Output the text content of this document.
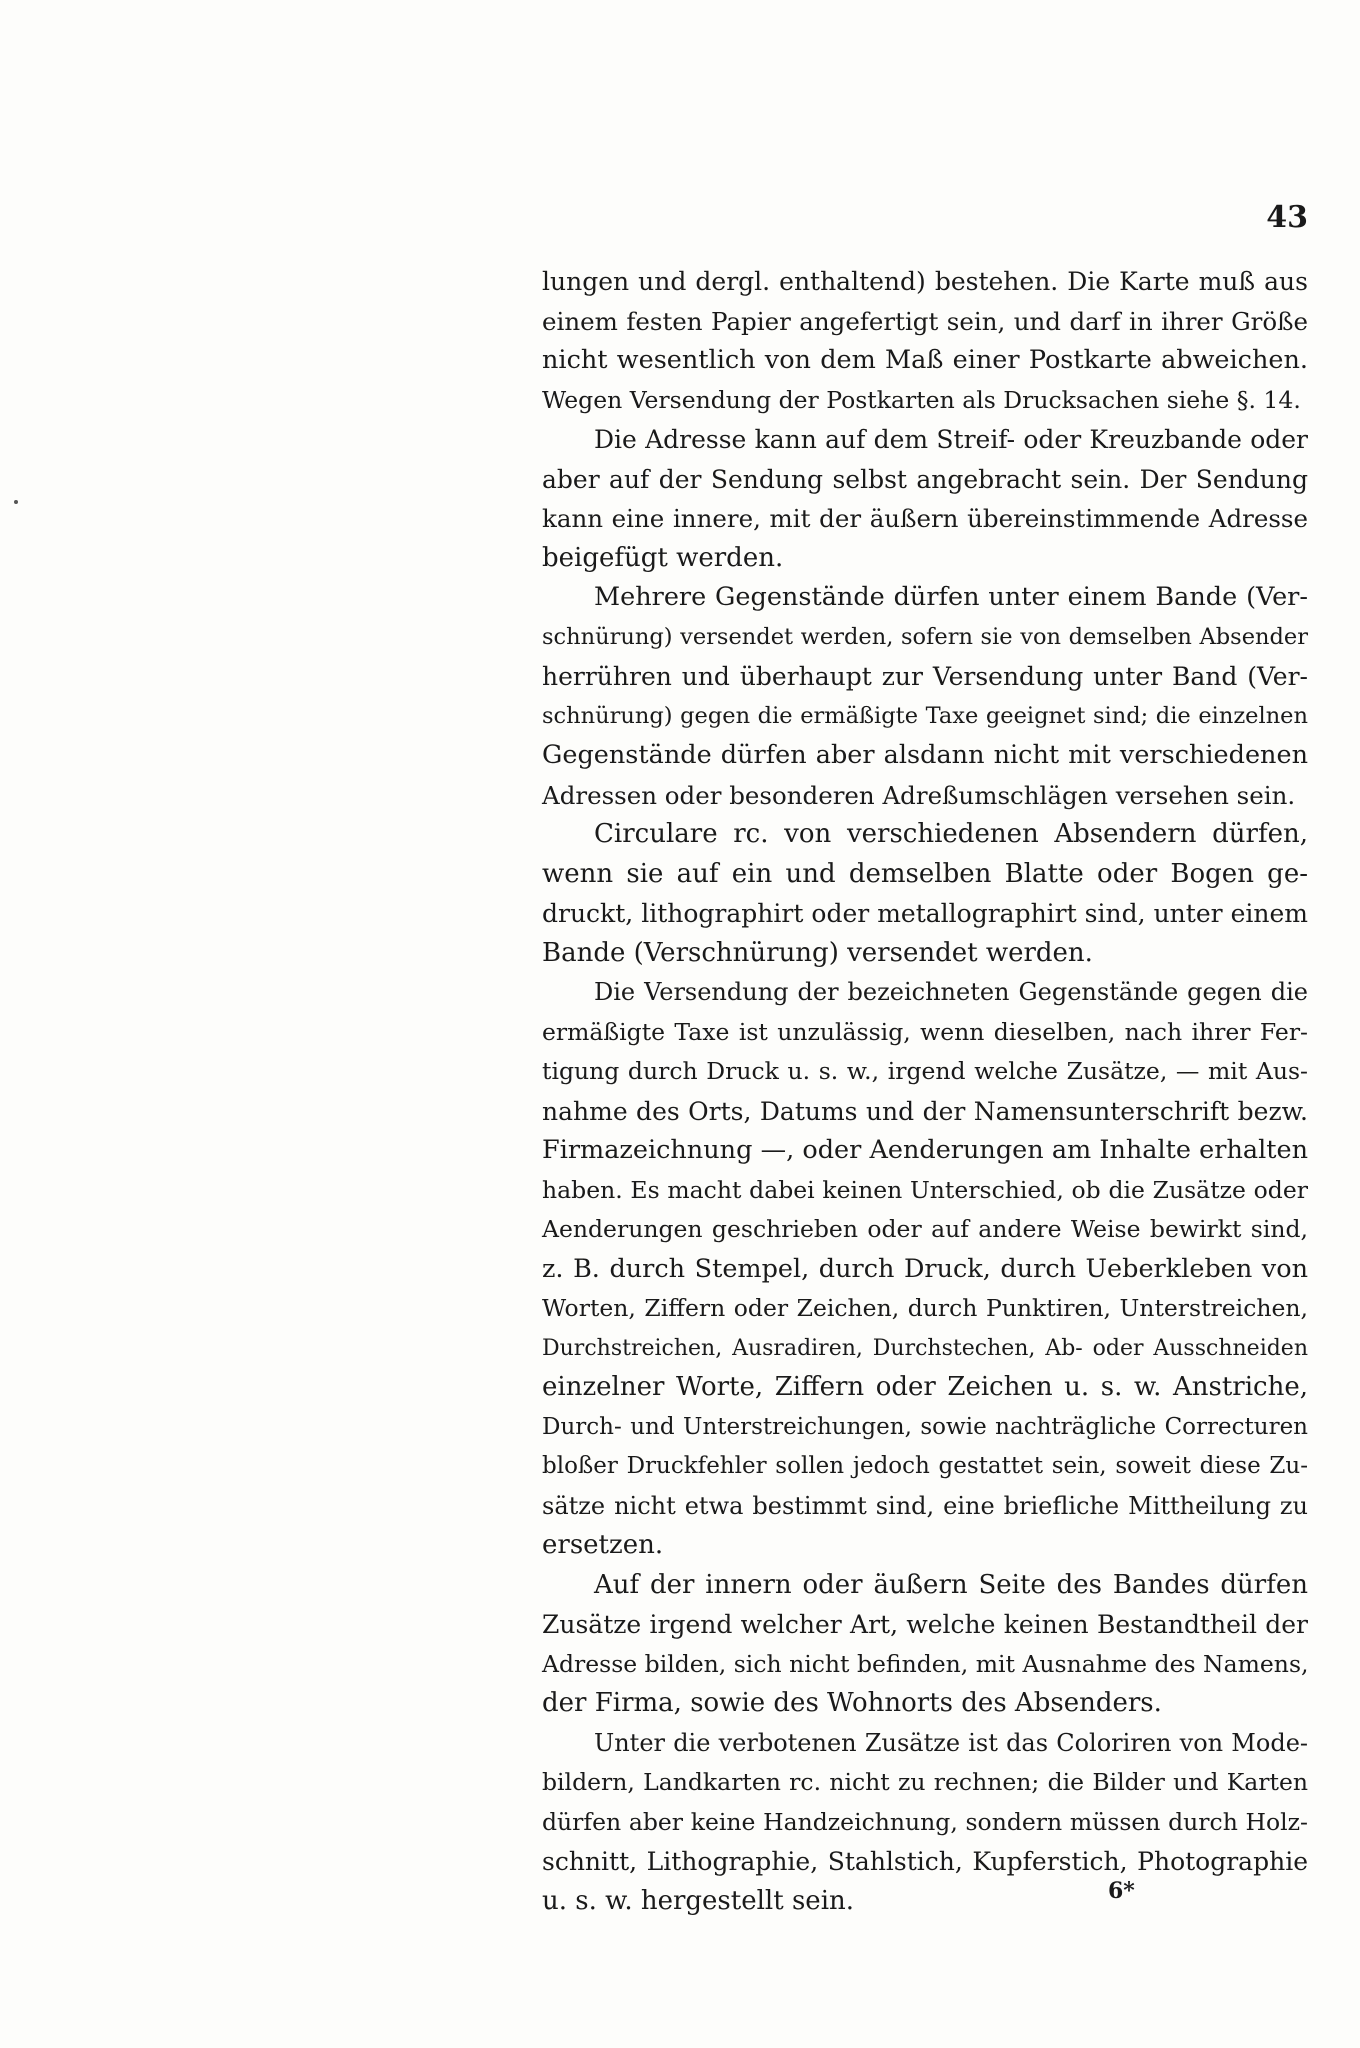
43
lungen und dergl. enthaltend) bestehen. Die Karte muß aus
einem festen Papier angefertigt sein, und darf in ihrer Größe
nicht wesentlich von dem Maß einer Postkarte abweichen.
Wegen Versendung der Postkarten als Drucksachen siehe §. 14.
Die Adresse kann auf dem Streif- oder Kreuzbande oder
aber auf der Sendung selbst angebracht sein. Der Sendung
kann eine innere, mit der äußern übereinstimmende Adresse
beigefügt werden.
Mehrere Gegenstände dürfen unter einem Bande (Ver-
schnürung) versendet werden, sofern sie von demselben Absender
herrühren und überhaupt zur Versendung unter Band (Ver-
schnürung) gegen die ermäßigte Taxe geeignet sind; die einzelnen
Gegenstände dürfen aber alsdann nicht mit verschiedenen
Adressen oder besonderen Adreßumschlägen versehen sein.
Circulare rc. von verschiedenen Absendern dürfen,
wenn sie auf ein und demselben Blatte oder Bogen ge-
druckt, lithographirt oder metallographirt sind, unter einem
Bande (Verschnürung) versendet werden.
Die Versendung der bezeichneten Gegenstände gegen die
ermäßigte Taxe ist unzulässig, wenn dieselben, nach ihrer Fer-
tigung durch Druck u. s. w., irgend welche Zusätze, — mit Aus-
nahme des Orts, Datums und der Namensunterschrift bezw.
Firmazeichnung —, oder Aenderungen am Inhalte erhalten
haben. Es macht dabei keinen Unterschied, ob die Zusätze oder
Aenderungen geschrieben oder auf andere Weise bewirkt sind,
z. B. durch Stempel, durch Druck, durch Ueberkleben von
Worten, Ziffern oder Zeichen, durch Punktiren, Unterstreichen,
Durchstreichen, Ausradiren, Durchstechen, Ab- oder Ausschneiden
einzelner Worte, Ziffern oder Zeichen u. s. w. Anstriche,
Durch- und Unterstreichungen, sowie nachträgliche Correcturen
bloßer Druckfehler sollen jedoch gestattet sein, soweit diese Zu-
sätze nicht etwa bestimmt sind, eine briefliche Mittheilung zu
ersetzen.
Auf der innern oder äußern Seite des Bandes dürfen
Zusätze irgend welcher Art, welche keinen Bestandtheil der
Adresse bilden, sich nicht befinden, mit Ausnahme des Namens,
der Firma, sowie des Wohnorts des Absenders.
Unter die verbotenen Zusätze ist das Coloriren von Mode-
bildern, Landkarten rc. nicht zu rechnen; die Bilder und Karten
dürfen aber keine Handzeichnung, sondern müssen durch Holz-
schnitt, Lithographie, Stahlstich, Kupferstich, Photographie
u. s. w. hergestellt sein.	6*
